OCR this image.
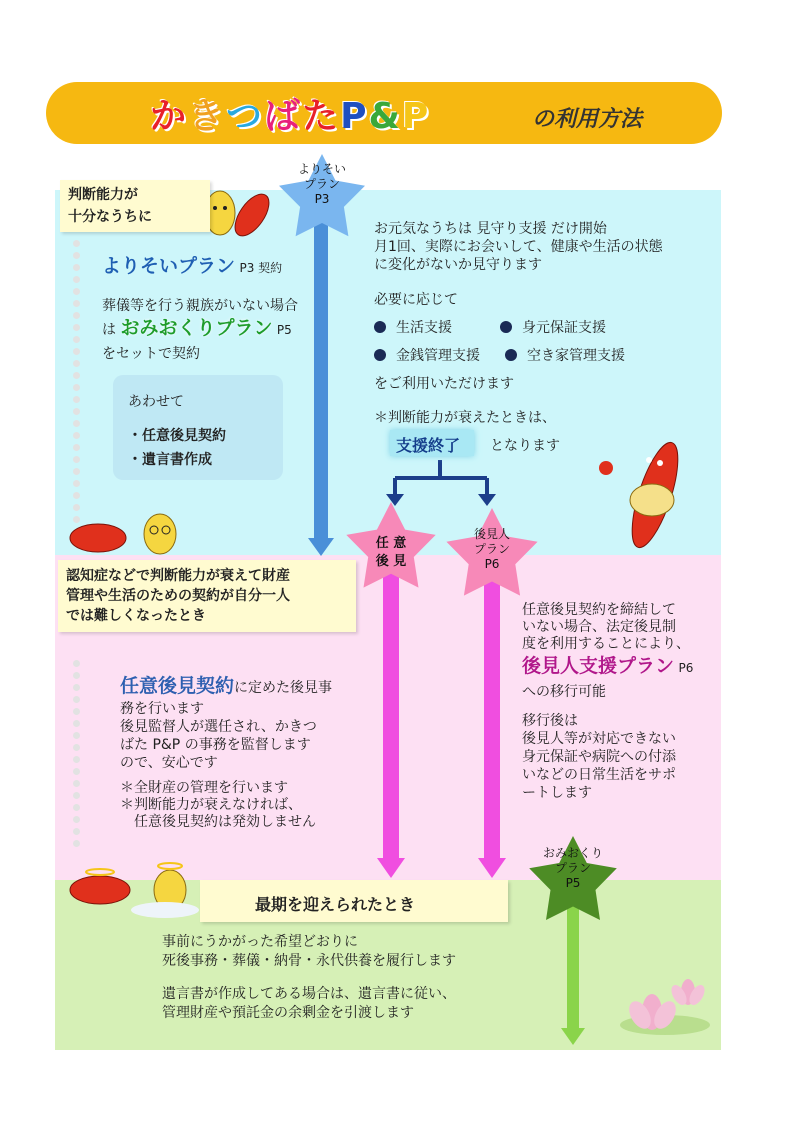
かきつばたP&P	の利用方法
よりそい
プラン
P3
任 意
後 見
後見人
プラン
P6
おみおくり
プラン
P5
判断能力が
十分なうちに
よりそいプラン P3 契約
葬儀等を行う親族がいない場合
は おみおくりプラン P5
をセットで契約
あわせて
・任意後見契約
・遺言書作成
お元気なうちは 見守り支援 だけ開始
月1回、実際にお会いして、健康や生活の状態
に変化がないか見守ります
必要に応じて
生活支援	身元保証支援
金銭管理支援	空き家管理支援
をご利用いただけます
＊判断能力が衰えたときは、
支援終了 となります
認知症などで判断能力が衰えて財産
管理や生活のための契約が自分一人
では難しくなったとき
任意後見契約に定めた後見事
務を行います
後見監督人が選任され、かきつ
ばた P&P の事務を監督します
ので、安心です
＊全財産の管理を行います
＊判断能力が衰えなければ、
　任意後見契約は発効しません
任意後見契約を締結して
いない場合、法定後見制
度を利用することにより、
後見人支援プラン P6
への移行可能
移行後は
後見人等が対応できない
身元保証や病院への付添
いなどの日常生活をサポ
ートします
最期を迎えられたとき
事前にうかがった希望どおりに
死後事務・葬儀・納骨・永代供養を履行します
遺言書が作成してある場合は、遺言書に従い、
管理財産や預託金の余剰金を引渡します
